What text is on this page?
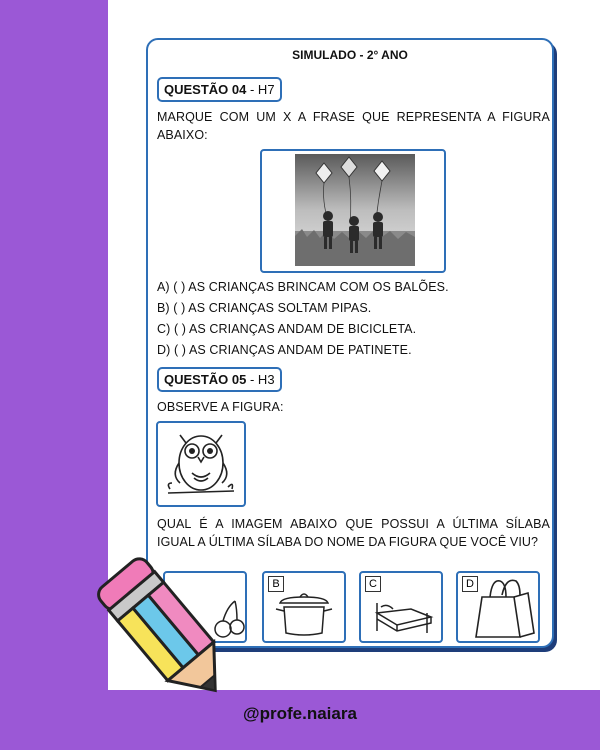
@profe.naiara
SIMULADO - 2° ANO
QUESTÃO 04 - H7
MARQUE COM UM X A FRASE QUE REPRESENTA A FIGURA
ABAIXO:
A) ( ) AS CRIANÇAS BRINCAM COM OS BALÕES.
B) ( ) AS CRIANÇAS SOLTAM PIPAS.
C) ( ) AS CRIANÇAS ANDAM DE BICICLETA.
D) ( ) AS CRIANÇAS ANDAM DE PATINETE.
QUESTÃO 05 - H3
OBSERVE A FIGURA:
QUAL É A IMAGEM ABAIXO QUE POSSUI A ÚLTIMA SÍLABA
IGUAL A ÚLTIMA SÍLABA DO NOME DA FIGURA QUE VOCÊ VIU?
B	C	D
